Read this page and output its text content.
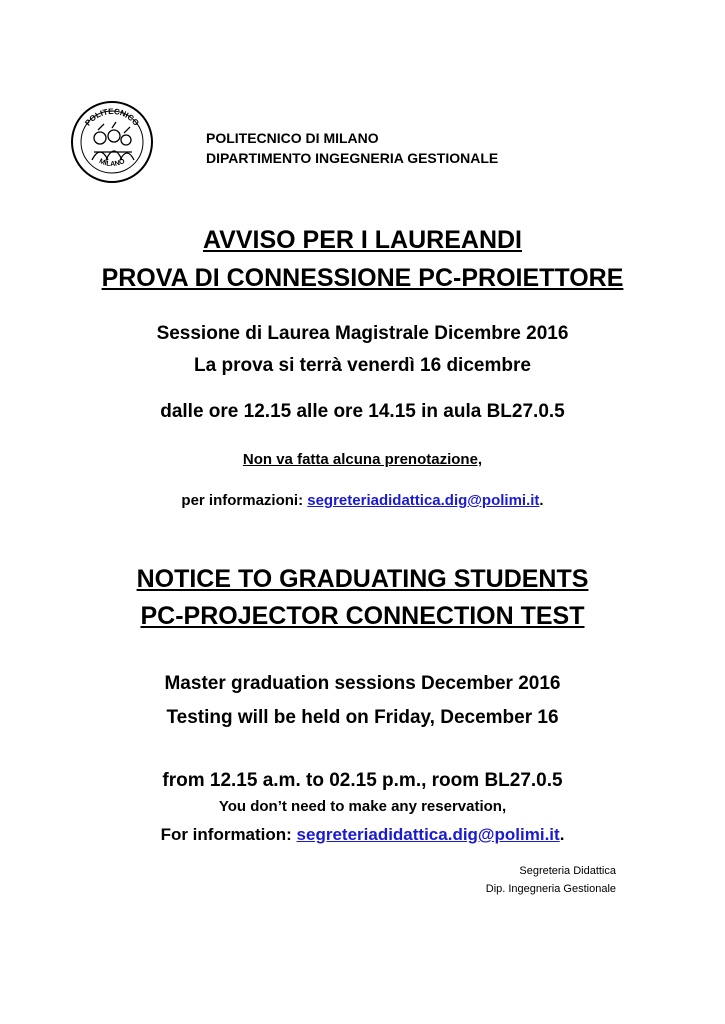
POLITECNICO
MILANO
POLITECNICO DI MILANO
DIPARTIMENTO INGEGNERIA GESTIONALE
AVVISO PER I LAUREANDI
PROVA DI CONNESSIONE PC-PROIETTORE
Sessione di Laurea Magistrale Dicembre 2016
La prova si terrà venerdì 16 dicembre
dalle ore 12.15 alle ore 14.15 in aula BL27.0.5
Non va fatta alcuna prenotazione,
per informazioni: segreteriadidattica.dig@polimi.it.
NOTICE TO GRADUATING STUDENTS
PC-PROJECTOR CONNECTION TEST
Master graduation sessions December 2016
Testing will be held on Friday, December 16
from 12.15 a.m. to 02.15 p.m., room BL27.0.5
You don’t need to make any reservation,
For information: segreteriadidattica.dig@polimi.it.
Segreteria Didattica
Dip. Ingegneria Gestionale
